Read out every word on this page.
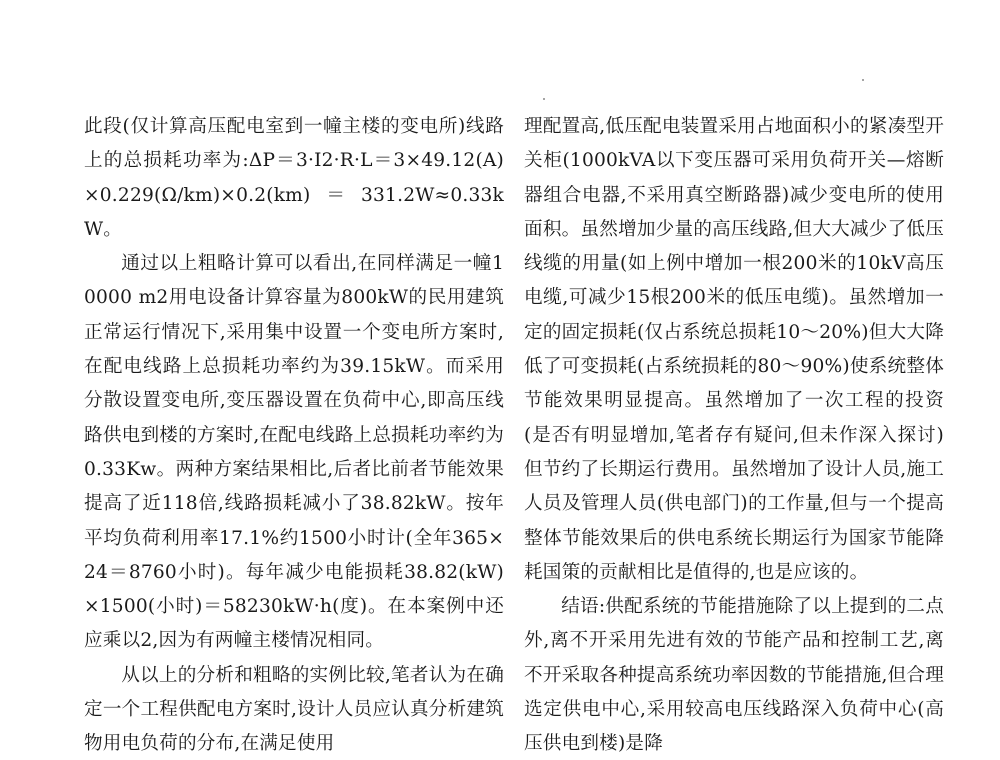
此段(仅计算高压配电室到一幢主楼的变电所)线路上的总损耗功率为:ΔP＝3·I2·R·L＝3×49.12(A)×0.229(Ω/km)×0.2(km)＝331.2W≈0.33kW。

通过以上粗略计算可以看出,在同样满足一幢10000 m2用电设备计算容量为800kW的民用建筑正常运行情况下,采用集中设置一个变电所方案时,在配电线路上总损耗功率约为39.15kW。而采用分散设置变电所,变压器设置在负荷中心,即高压线路供电到楼的方案时,在配电线路上总损耗功率约为0.33Kw。两种方案结果相比,后者比前者节能效果提高了近118倍,线路损耗减小了38.82kW。按年平均负荷利用率17.1%约1500小时计(全年365×24＝8760小时)。每年减少电能损耗38.82(kW)×1500(小时)＝58230kW·h(度)。在本案例中还应乘以2,因为有两幢主楼情况相同。

从以上的分析和粗略的实例比较,笔者认为在确定一个工程供配电方案时,设计人员应认真分析建筑物用电负荷的分布,在满足使用

理配置高,低压配电装置采用占地面积小的紧凑型开关柜(1000kVA以下变压器可采用负荷开关—熔断器组合电器,不采用真空断路器)减少变电所的使用面积。虽然增加少量的高压线路,但大大减少了低压线缆的用量(如上例中增加一根200米的10kV高压电缆,可减少15根200米的低压电缆)。虽然增加一定的固定损耗(仅占系统总损耗10～20%)但大大降低了可变损耗(占系统损耗的80～90%)使系统整体节能效果明显提高。虽然增加了一次工程的投资(是否有明显增加,笔者存有疑问,但未作深入探讨)但节约了长期运行费用。虽然增加了设计人员,施工人员及管理人员(供电部门)的工作量,但与一个提高整体节能效果后的供电系统长期运行为国家节能降耗国策的贡献相比是值得的,也是应该的。

结语:供配系统的节能措施除了以上提到的二点外,离不开采用先进有效的节能产品和控制工艺,离不开采取各种提高系统功率因数的节能措施,但合理选定供电中心,采用较高电压线路深入负荷中心(高压供电到楼)是降
